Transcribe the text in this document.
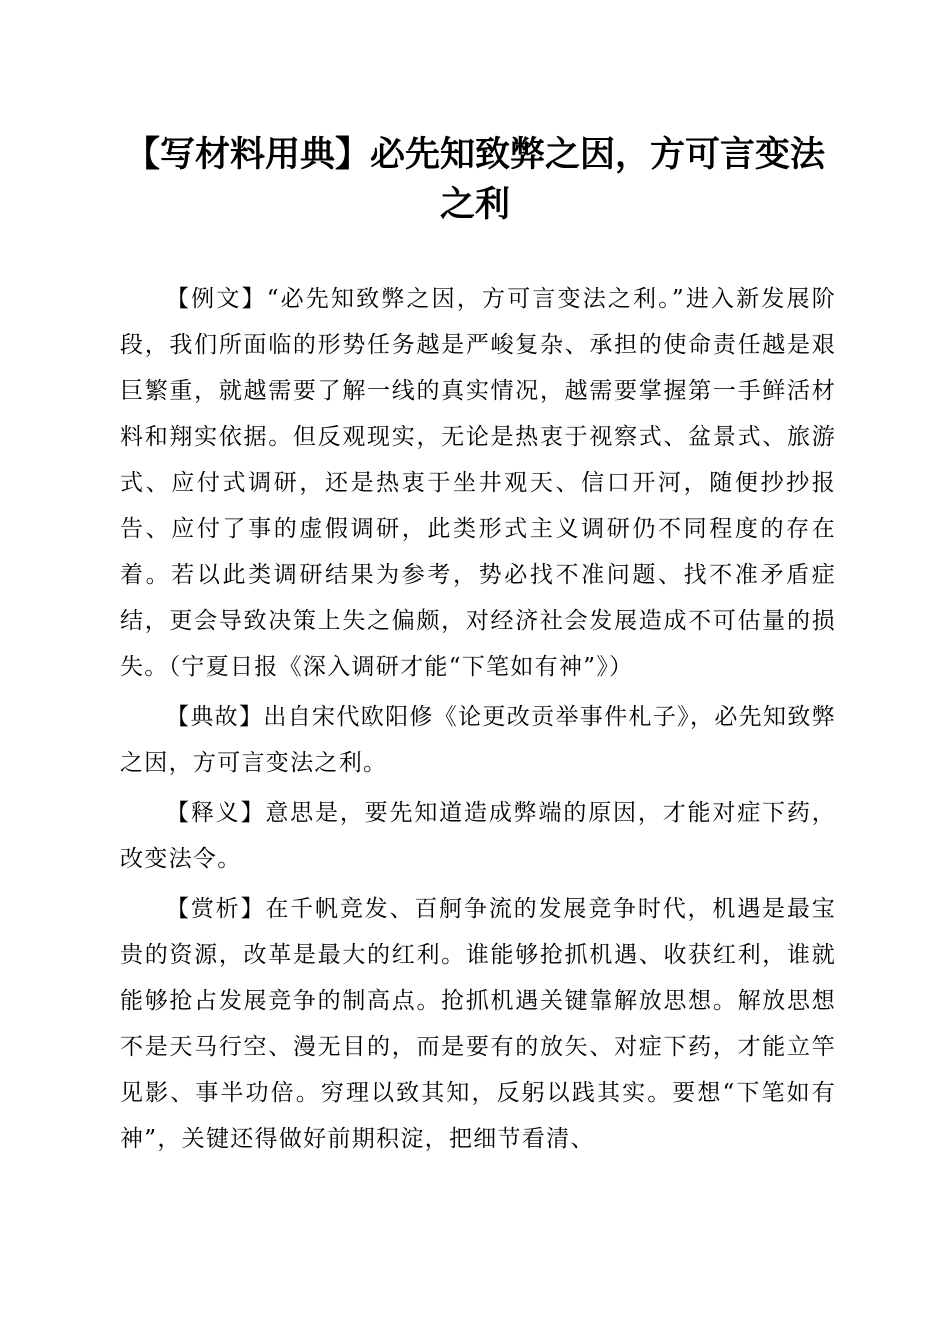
【写材料用典】必先知致弊之因，方可言变法之利

【例文】“必先知致弊之因，方可言变法之利。”进入新发展阶段，我们所面临的形势任务越是严峻复杂、承担的使命责任越是艰巨繁重，就越需要了解一线的真实情况，越需要掌握第一手鲜活材料和翔实依据。但反观现实，无论是热衷于视察式、盆景式、旅游式、应付式调研，还是热衷于坐井观天、信口开河，随便抄抄报告、应付了事的虚假调研，此类形式主义调研仍不同程度的存在着。若以此类调研结果为参考，势必找不准问题、找不准矛盾症结，更会导致决策上失之偏颇，对经济社会发展造成不可估量的损失。（宁夏日报《深入调研才能“下笔如有神”》）

【典故】出自宋代欧阳修《论更改贡举事件札子》，必先知致弊之因，方可言变法之利。

【释义】意思是，要先知道造成弊端的原因，才能对症下药，改变法令。

【赏析】在千帆竞发、百舸争流的发展竞争时代，机遇是最宝贵的资源，改革是最大的红利。谁能够抢抓机遇、收获红利，谁就能够抢占发展竞争的制高点。抢抓机遇关键靠解放思想。解放思想不是天马行空、漫无目的，而是要有的放矢、对症下药，才能立竿见影、事半功倍。穷理以致其知，反躬以践其实。要想“下笔如有神”，关键还得做好前期积淀，把细节看清、
